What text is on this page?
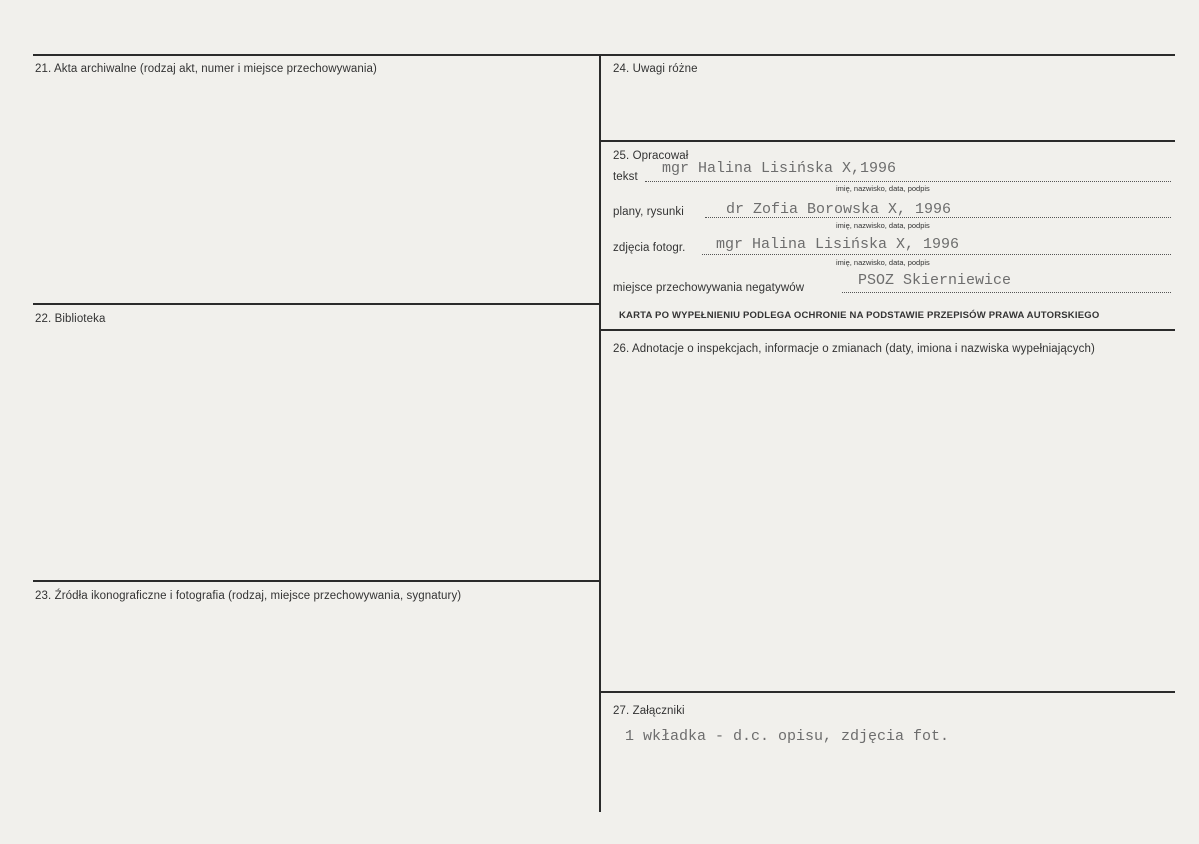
21. Akta archiwalne (rodzaj akt, numer i miejsce przechowywania)
22. Biblioteka
23. Źródła ikonograficzne i fotografia (rodzaj, miejsce przechowywania, sygnatury)
24. Uwagi różne
25. Opracował
tekst mgr Halina Lisińska X,1996
imię, nazwisko, data, podpis
plany, rysunki	dr Zofia Borowska X, 1996
imię, nazwisko, data, podpis
zdjęcia fotogr. mgr Halina Lisińska X, 1996
imię, nazwisko, data, podpis
miejsce przechowywania negatywów	PSOZ Skierniewice
KARTA PO WYPEŁNIENIU PODLEGA OCHRONIE NA PODSTAWIE PRZEPISÓW PRAWA AUTORSKIEGO
26. Adnotacje o inspekcjach, informacje o zmianach (daty, imiona i nazwiska wypełniających)
27. Załączniki
1 wkładka - d.c. opisu, zdjęcia fot.
